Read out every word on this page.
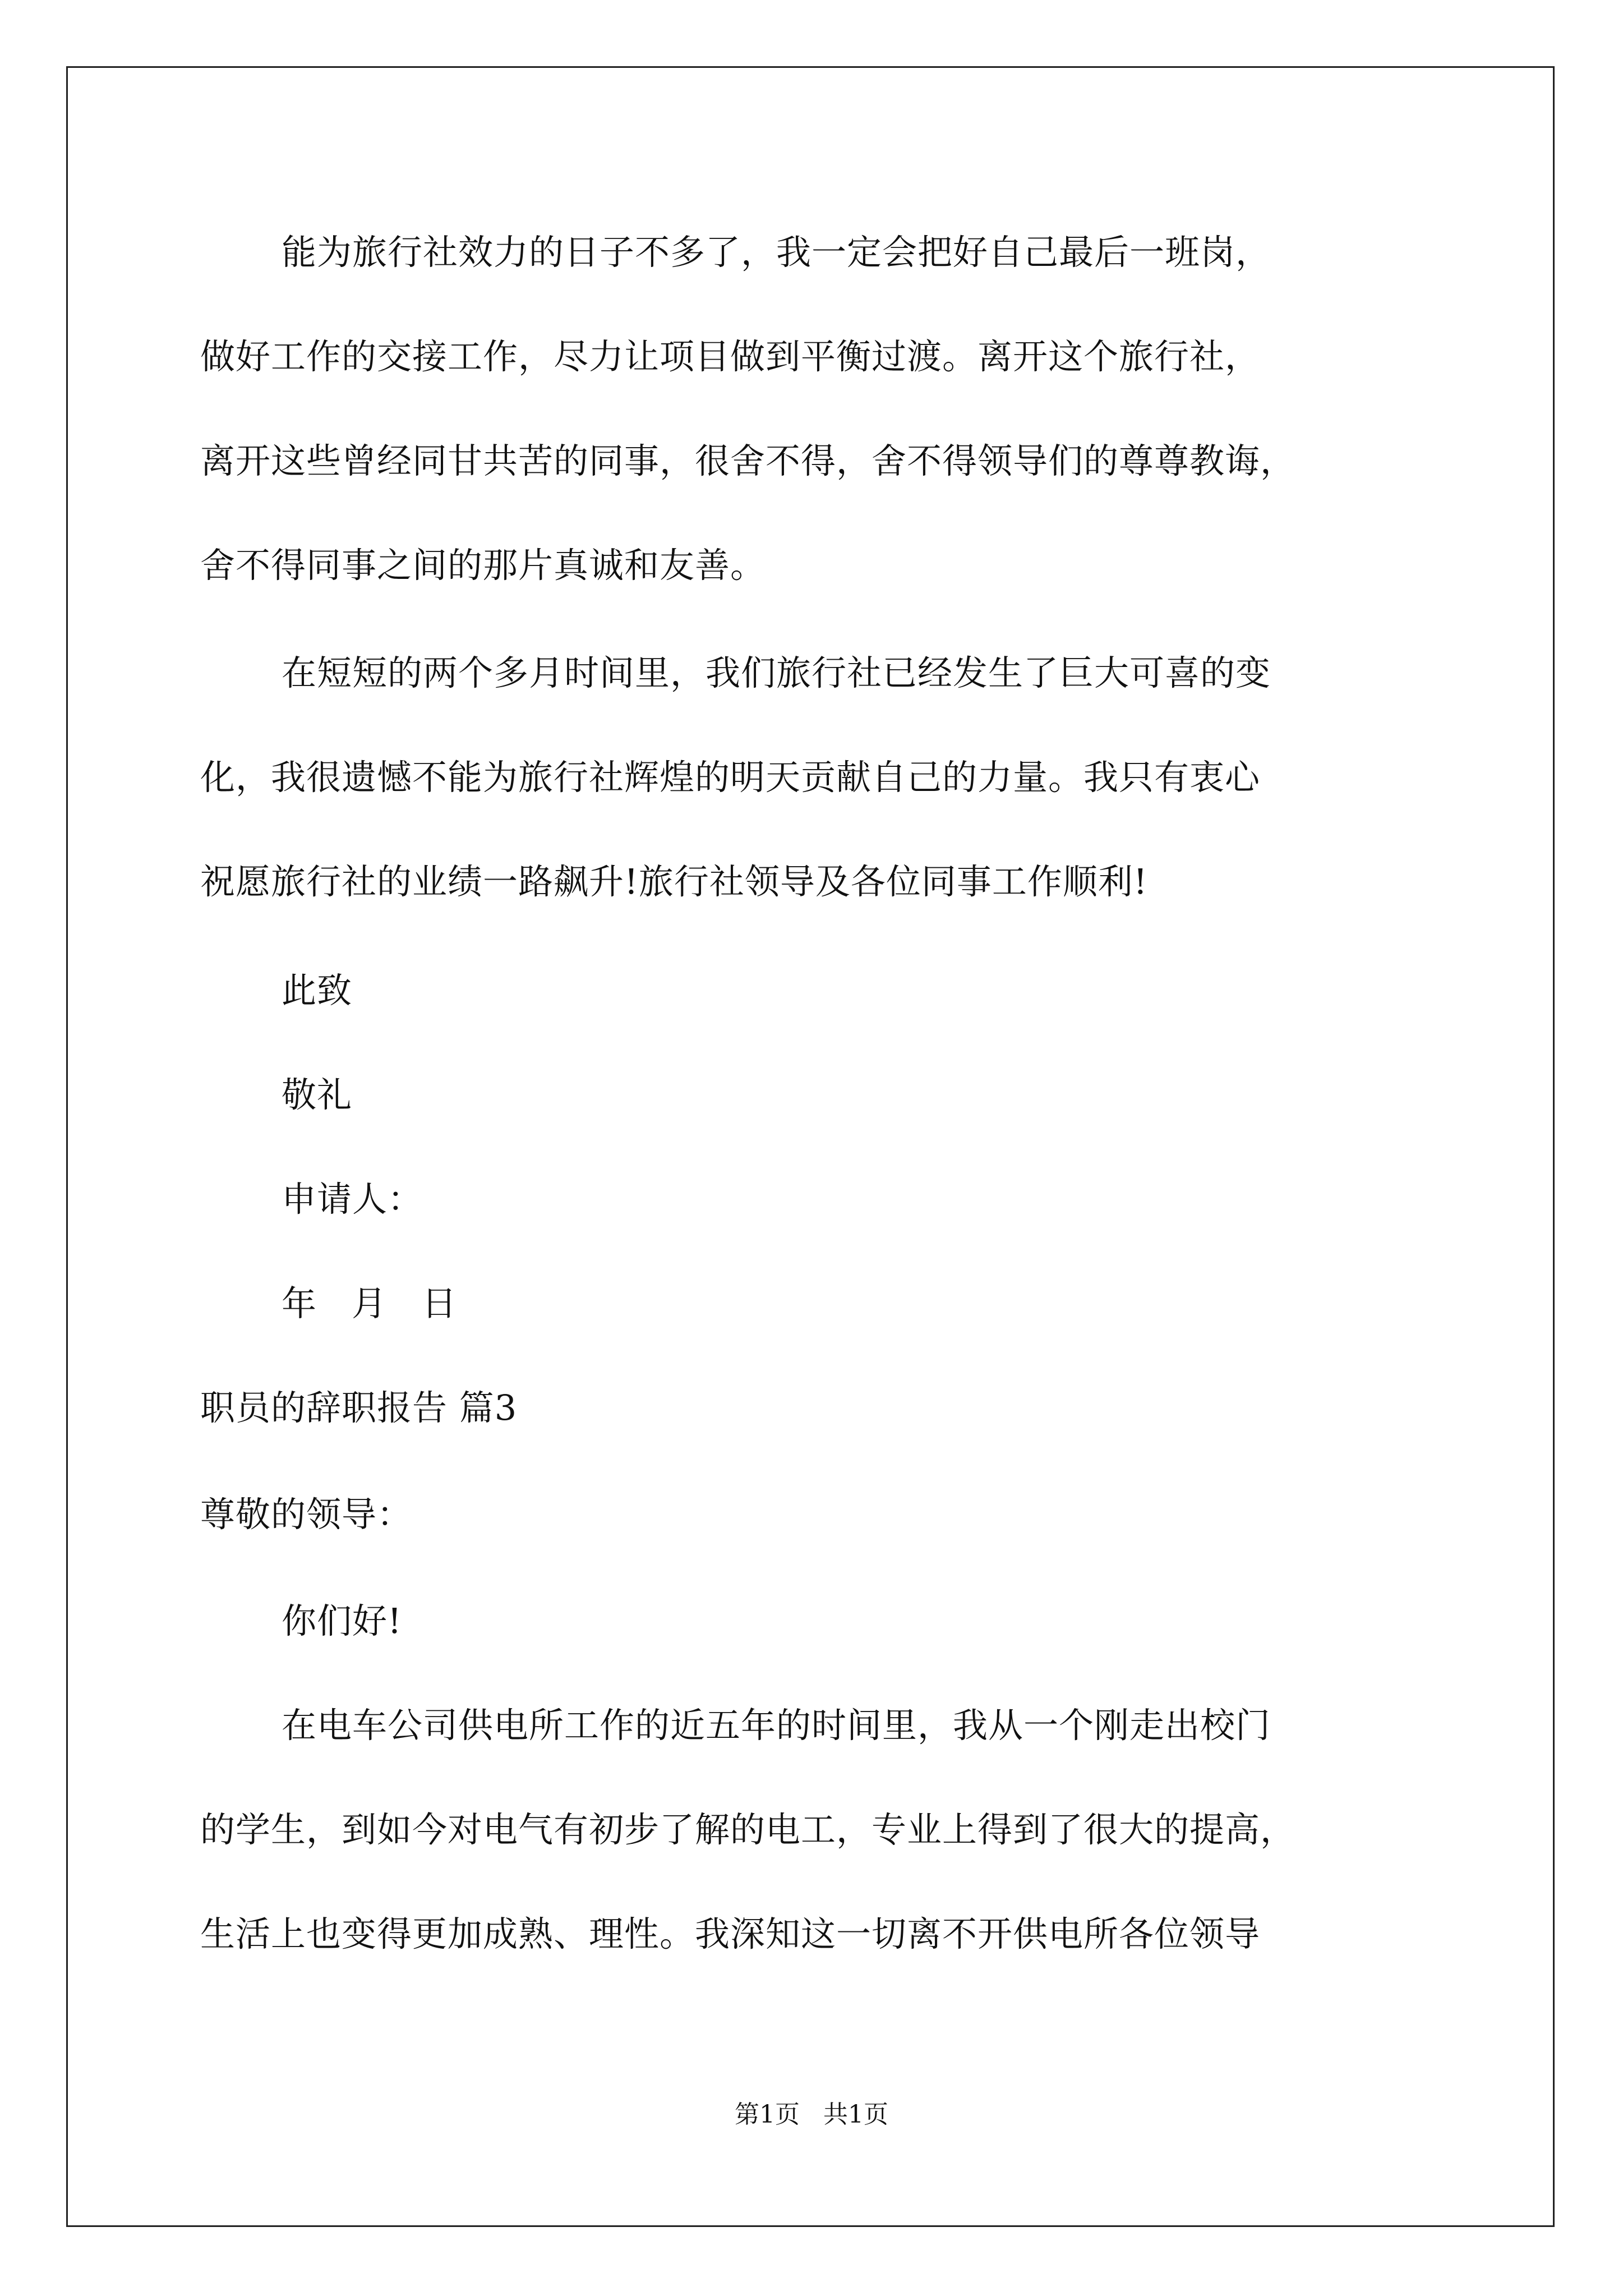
能为旅行社效力的日子不多了，我一定会把好自己最后一班岗，
做好工作的交接工作，尽力让项目做到平衡过渡。离开这个旅行社，
离开这些曾经同甘共苦的同事，很舍不得，舍不得领导们的尊尊教诲，
舍不得同事之间的那片真诚和友善。
在短短的两个多月时间里，我们旅行社已经发生了巨大可喜的变
化，我很遗憾不能为旅行社辉煌的明天贡献自己的力量。我只有衷心
祝愿旅行社的业绩一路飙升!旅行社领导及各位同事工作顺利!
此致
敬礼
申请人：
年 月 日
职员的辞职报告 篇3
尊敬的领导：
你们好!
在电车公司供电所工作的近五年的时间里，我从一个刚走出校门
的学生，到如今对电气有初步了解的电工，专业上得到了很大的提高，
生活上也变得更加成熟、理性。我深知这一切离不开供电所各位领导
第1页 共1页
